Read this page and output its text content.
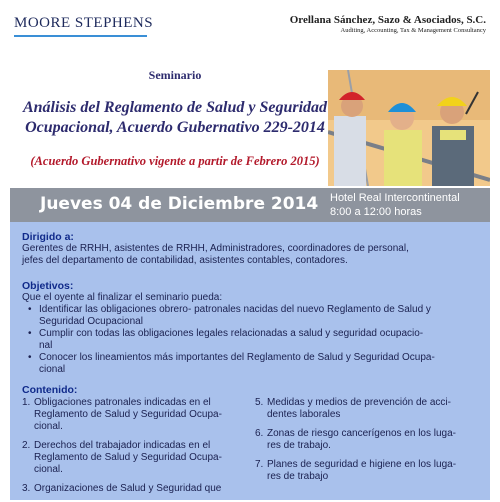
MOORE STEPHENS	Orellana Sánchez, Sazo & Asociados, S.C.
Auditing, Accounting, Tax & Management Consultancy
Seminario
Análisis del Reglamento de Salud y Seguridad
Ocupacional, Acuerdo Gubernativo 229-2014
(Acuerdo Gubernativo vigente a partir de Febrero 2015)
Jueves 04 de Diciembre 2014 Hotel Real Intercontinental
8:00 a 12:00 horas
Dirigido a:
Gerentes de RRHH, asistentes de RRHH, Administradores, coordinadores de personal,
jefes del departamento de contabilidad, asistentes contables, contadores.
Objetivos:
Que el oyente al finalizar el seminario pueda:
• Identificar las obligaciones obrero- patronales nacidas del nuevo Reglamento de Salud y
Seguridad Ocupacional
• Cumplir con todas las obligaciones legales relacionadas a salud y seguridad ocupacio-
nal
• Conocer los lineamientos más importantes del Reglamento de Salud y Seguridad Ocupa-
cional
Contenido:
1. Obligaciones patronales indicadas en el
Reglamento de Salud y Seguridad Ocupa-
cional.
2. Derechos del trabajador indicadas en el
Reglamento de Salud y Seguridad Ocupa-
cional.
3. Organizaciones de Salud y Seguridad que
5. Medidas y medios de prevención de acci-
dentes laborales
6. Zonas de riesgo cancerígenos en los luga-
res de trabajo.
7. Planes de seguridad e higiene en los luga-
res de trabajo
